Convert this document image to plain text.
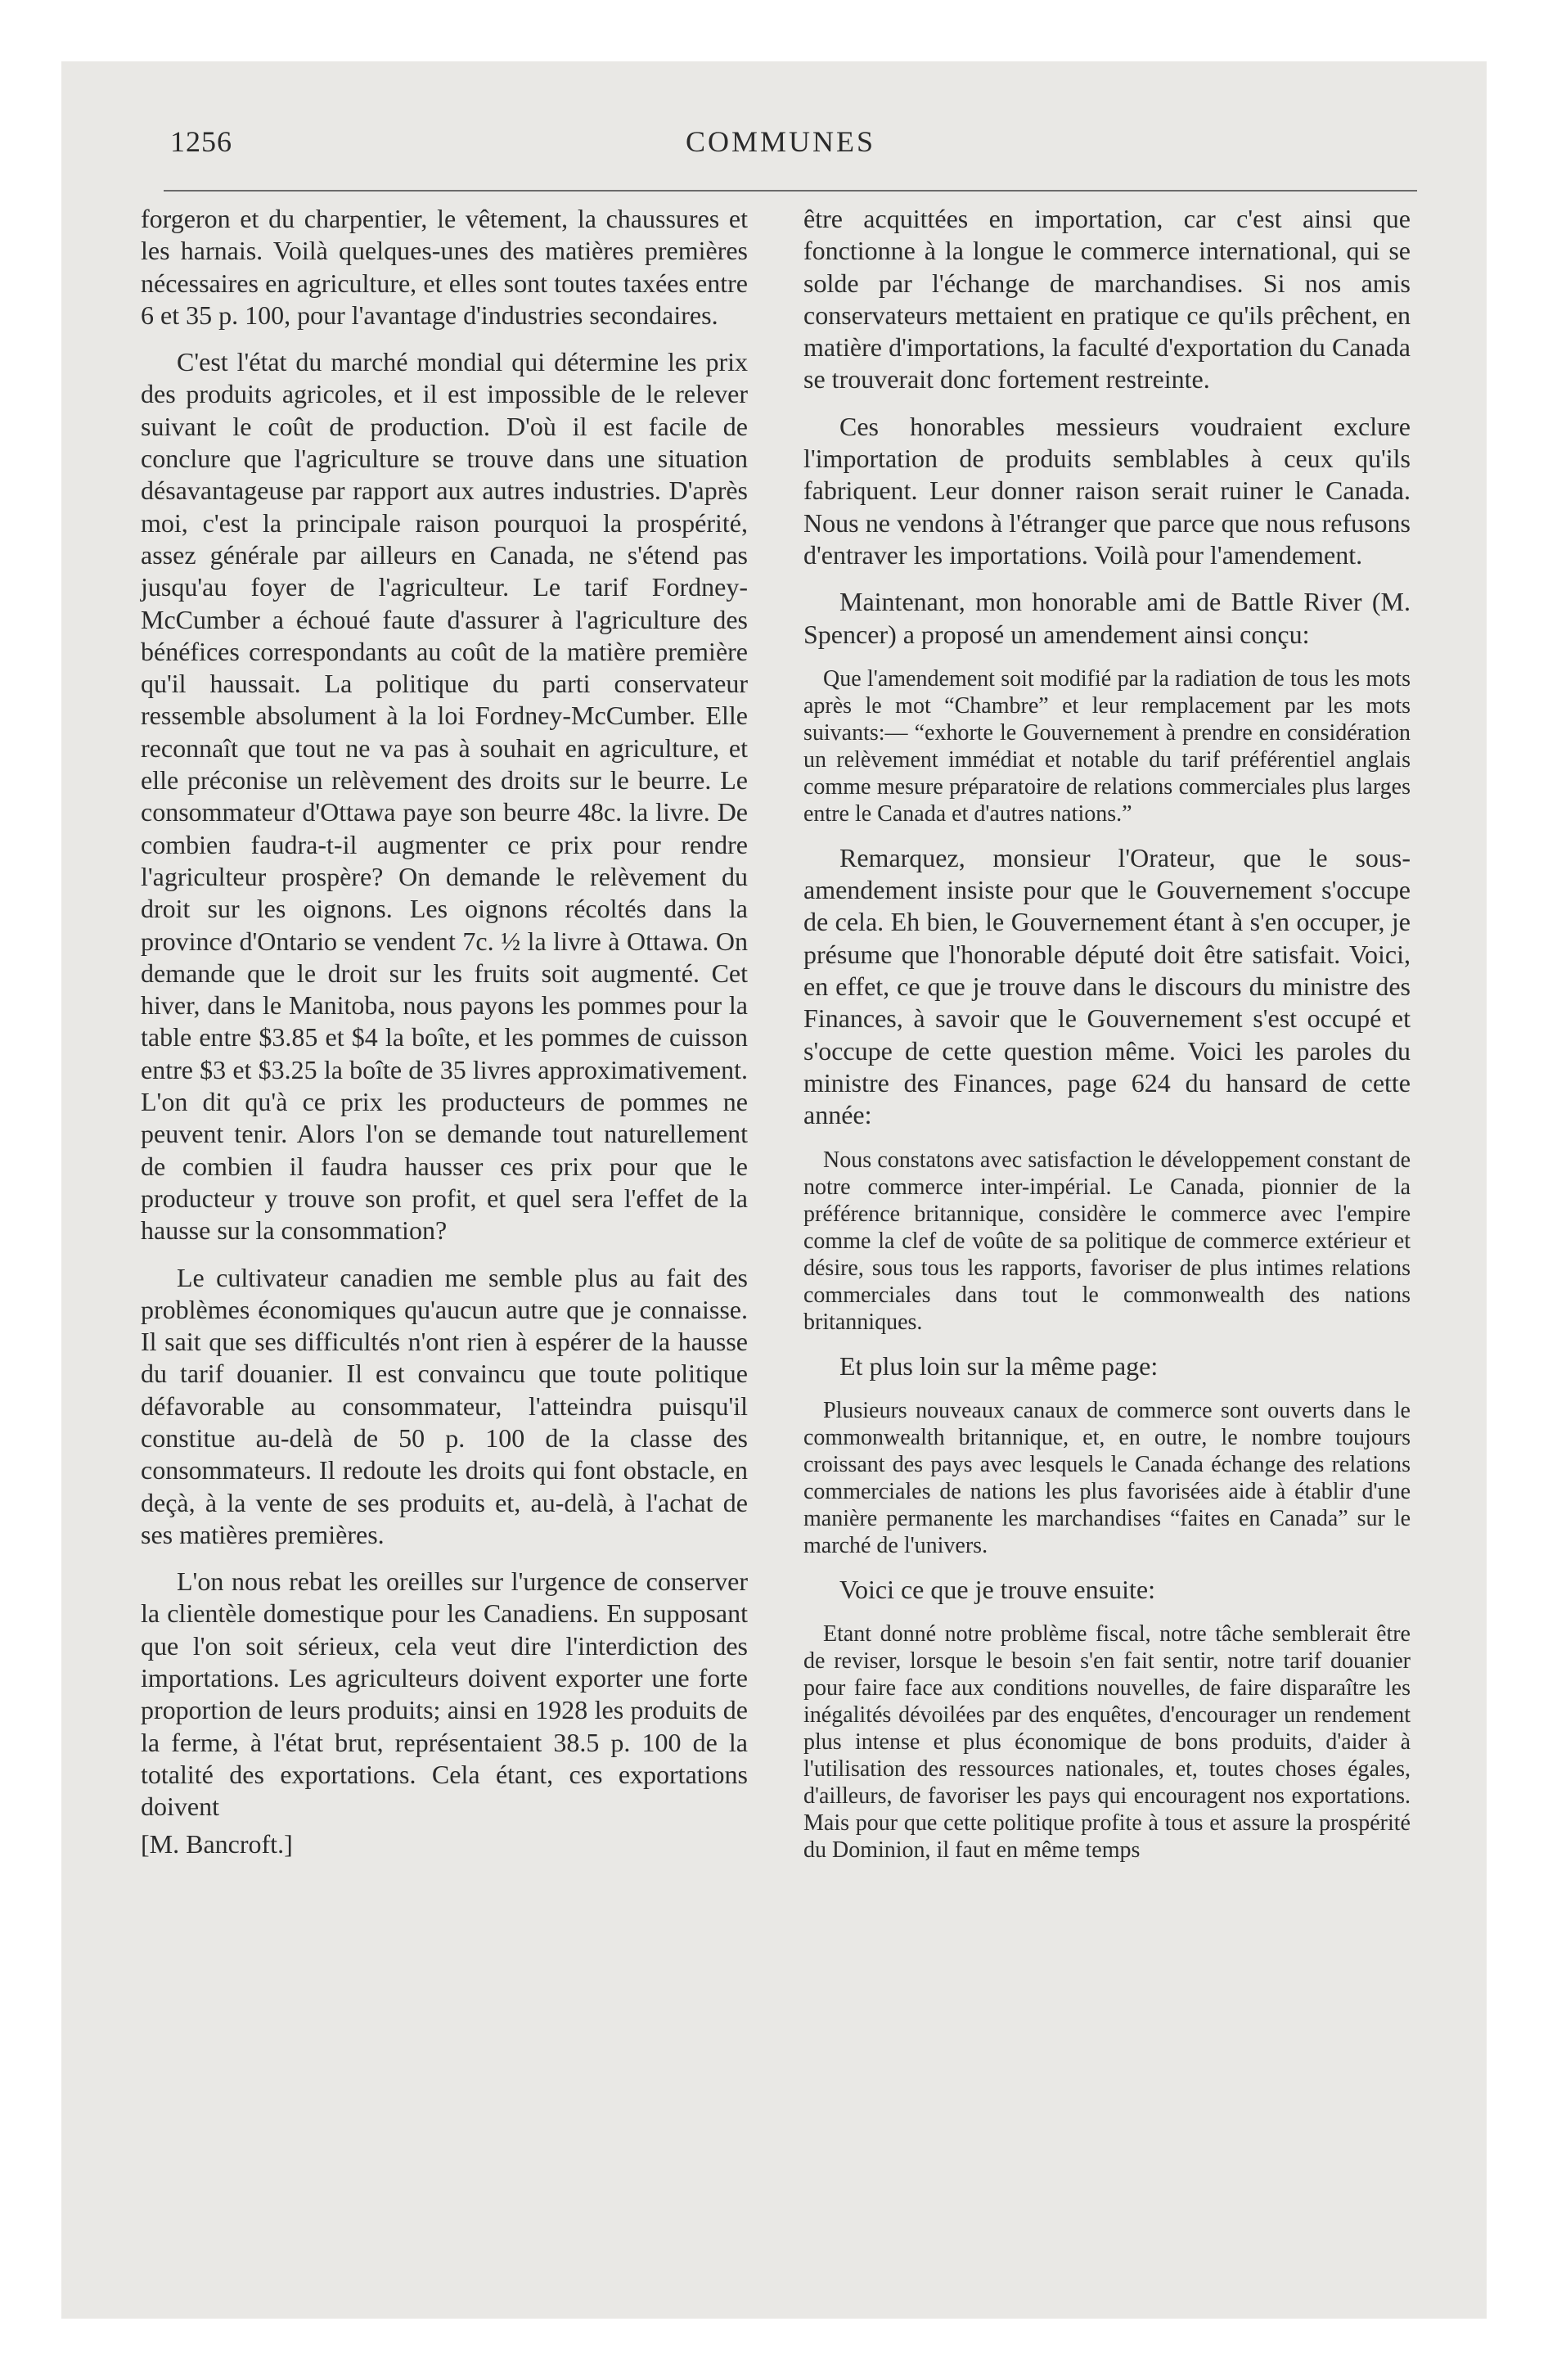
1256	COMMUNES

forgeron et du charpentier, le vêtement, la chaussures et les harnais. Voilà quelques-unes des matières premières nécessaires en agriculture, et elles sont toutes taxées entre 6 et 35 p. 100, pour l'avantage d'industries secondaires.

C'est l'état du marché mondial qui détermine les prix des produits agricoles, et il est impossible de le relever suivant le coût de production. D'où il est facile de conclure que l'agriculture se trouve dans une situation désavantageuse par rapport aux autres industries. D'après moi, c'est la principale raison pourquoi la prospérité, assez générale par ailleurs en Canada, ne s'étend pas jusqu'au foyer de l'agriculteur. Le tarif Fordney-McCumber a échoué faute d'assurer à l'agriculture des bénéfices correspondants au coût de la matière première qu'il haussait. La politique du parti conservateur ressemble absolument à la loi Fordney-McCumber. Elle reconnaît que tout ne va pas à souhait en agriculture, et elle préconise un relèvement des droits sur le beurre. Le consommateur d'Ottawa paye son beurre 48c. la livre. De combien faudra-t-il augmenter ce prix pour rendre l'agriculteur prospère? On demande le relèvement du droit sur les oignons. Les oignons récoltés dans la province d'Ontario se vendent 7c. ½ la livre à Ottawa. On demande que le droit sur les fruits soit augmenté. Cet hiver, dans le Manitoba, nous payons les pommes pour la table entre $3.85 et $4 la boîte, et les pommes de cuisson entre $3 et $3.25 la boîte de 35 livres approximativement. L'on dit qu'à ce prix les producteurs de pommes ne peuvent tenir. Alors l'on se demande tout naturellement de combien il faudra hausser ces prix pour que le producteur y trouve son profit, et quel sera l'effet de la hausse sur la consommation?

Le cultivateur canadien me semble plus au fait des problèmes économiques qu'aucun autre que je connaisse. Il sait que ses difficultés n'ont rien à espérer de la hausse du tarif douanier. Il est convaincu que toute politique défavorable au consommateur, l'atteindra puisqu'il constitue au-delà de 50 p. 100 de la classe des consommateurs. Il redoute les droits qui font obstacle, en deçà, à la vente de ses produits et, au-delà, à l'achat de ses matières premières.

L'on nous rebat les oreilles sur l'urgence de conserver la clientèle domestique pour les Canadiens. En supposant que l'on soit sérieux, cela veut dire l'interdiction des importations. Les agriculteurs doivent exporter une forte proportion de leurs produits; ainsi en 1928 les produits de la ferme, à l'état brut, représentaient 38.5 p. 100 de la totalité des exportations. Cela étant, ces exportations doivent

[M. Bancroft.]

être acquittées en importation, car c'est ainsi que fonctionne à la longue le commerce international, qui se solde par l'échange de marchandises. Si nos amis conservateurs mettaient en pratique ce qu'ils prêchent, en matière d'importations, la faculté d'exportation du Canada se trouverait donc fortement restreinte.

Ces honorables messieurs voudraient exclure l'importation de produits semblables à ceux qu'ils fabriquent. Leur donner raison serait ruiner le Canada. Nous ne vendons à l'étranger que parce que nous refusons d'entraver les importations. Voilà pour l'amendement.

Maintenant, mon honorable ami de Battle River (M. Spencer) a proposé un amendement ainsi conçu:

Que l'amendement soit modifié par la radiation de tous les mots après le mot “Chambre” et leur remplacement par les mots suivants:— “exhorte le Gouvernement à prendre en considération un relèvement immédiat et notable du tarif préférentiel anglais comme mesure préparatoire de relations commerciales plus larges entre le Canada et d'autres nations.”

Remarquez, monsieur l'Orateur, que le sous-amendement insiste pour que le Gouvernement s'occupe de cela. Eh bien, le Gouvernement étant à s'en occuper, je présume que l'honorable député doit être satisfait. Voici, en effet, ce que je trouve dans le discours du ministre des Finances, à savoir que le Gouvernement s'est occupé et s'occupe de cette question même. Voici les paroles du ministre des Finances, page 624 du hansard de cette année:

Nous constatons avec satisfaction le développement constant de notre commerce inter-impérial. Le Canada, pionnier de la préférence britannique, considère le commerce avec l'empire comme la clef de voûte de sa politique de commerce extérieur et désire, sous tous les rapports, favoriser de plus intimes relations commerciales dans tout le commonwealth des nations britanniques.

Et plus loin sur la même page:

Plusieurs nouveaux canaux de commerce sont ouverts dans le commonwealth britannique, et, en outre, le nombre toujours croissant des pays avec lesquels le Canada échange des relations commerciales de nations les plus favorisées aide à établir d'une manière permanente les marchandises “faites en Canada” sur le marché de l'univers.

Voici ce que je trouve ensuite:

Etant donné notre problème fiscal, notre tâche semblerait être de reviser, lorsque le besoin s'en fait sentir, notre tarif douanier pour faire face aux conditions nouvelles, de faire disparaître les inégalités dévoilées par des enquêtes, d'encourager un rendement plus intense et plus économique de bons produits, d'aider à l'utilisation des ressources nationales, et, toutes choses égales, d'ailleurs, de favoriser les pays qui encouragent nos exportations. Mais pour que cette politique profite à tous et assure la prospérité du Dominion, il faut en même temps
